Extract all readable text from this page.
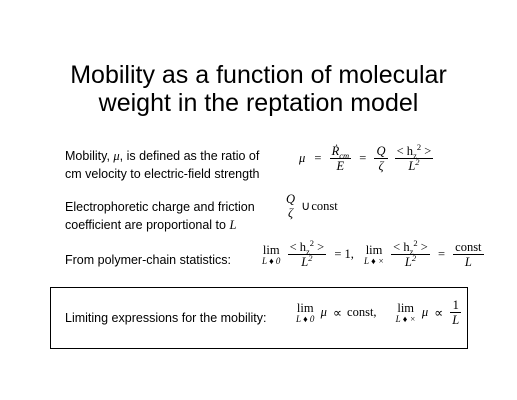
Mobility as a function of molecular
weight in the reptation model
Mobility, μ, is defined as the ratio of
cm velocity to electric-field strength
$\mu = \frac{Ṙ_{cm}}{E} = \frac{Q}{\zeta}$
$\frac{< h_z^2 >}{L^2}$
Electrophoretic charge and friction
coefficient are proportional to L
Q
ζ ∪const
From polymer-chain statistics:
lim
L ♦ 0
$\frac{< h_z^2 >}{L^2} = 1$, lim
L ♦ ×
$\frac{< h_z^2 >}{L^2} = \frac{\text{const}}{L}$
Limiting expressions for the mobility:
lim
L ♦ 0 μ ∝ const, lim
L ♦ × $\mu \propto \frac{1}{L}$
